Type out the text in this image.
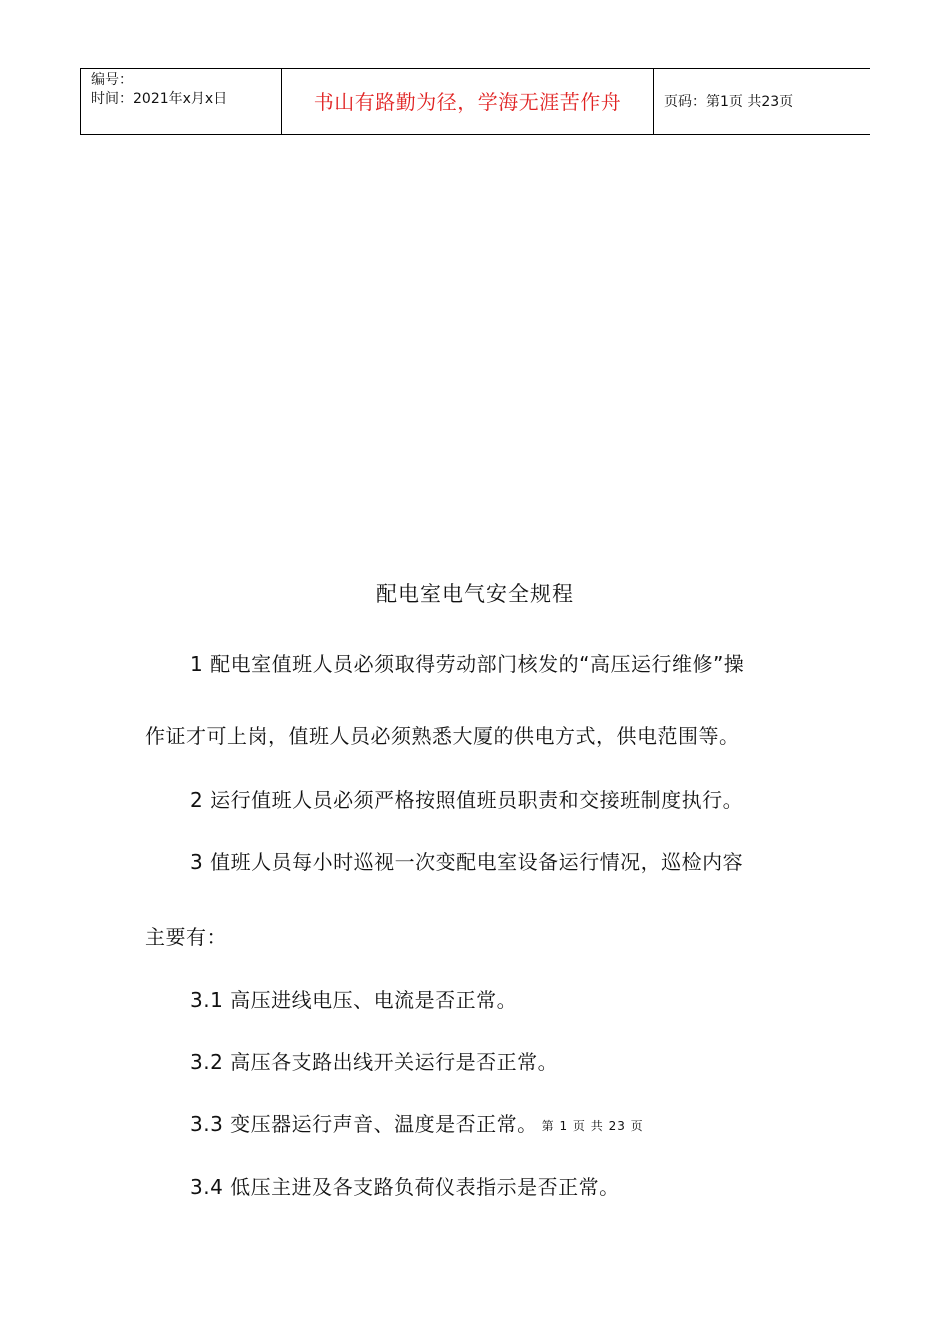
编号：
时间：2021年x月x日	书山有路勤为径，学海无涯苦作舟	页码：第1页 共23页
配电室电气安全规程
1 配电室值班人员必须取得劳动部门核发的“高压运行维修”操
作证才可上岗，值班人员必须熟悉大厦的供电方式，供电范围等。
2 运行值班人员必须严格按照值班员职责和交接班制度执行。
3 值班人员每小时巡视一次变配电室设备运行情况，巡检内容
主要有：
3.1 高压进线电压、电流是否正常。
3.2 高压各支路出线开关运行是否正常。
3.3 变压器运行声音、温度是否正常。 第 1 页 共 23 页
3.4 低压主进及各支路负荷仪表指示是否正常。
